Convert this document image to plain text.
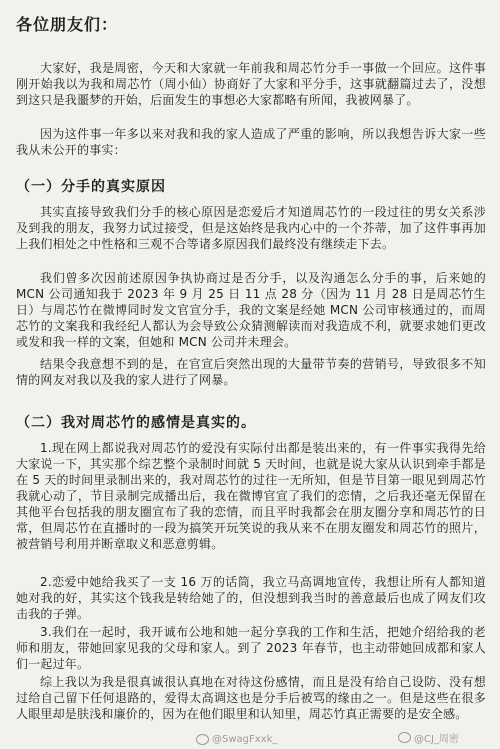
各位朋友们：

大家好，我是周密，今天和大家就一年前我和周芯竹分手一事做一个回应。这件事刚开始我以为我和周芯竹（周小仙）协商好了大家和平分手，这事就翻篇过去了，没想到这只是我噩梦的开始，后面发生的事想必大家都略有所闻，我被网暴了。

因为这件事一年多以来对我和我的家人造成了严重的影响，所以我想告诉大家一些我从未公开的事实：

（一）分手的真实原因

其实直接导致我们分手的核心原因是恋爱后才知道周芯竹的一段过往的男女关系涉及到我的朋友，我努力试过接受，但是这始终是我内心中的一个芥蒂，加了这件事再加上我们相处之中性格和三观不合等诸多原因我们最终没有继续走下去。

我们曾多次因前述原因争执协商过是否分手，以及沟通怎么分手的事，后来她的 MCN 公司通知我于 2023 年 9 月 25 日 11 点 28 分（因为 11 月 28 日是周芯竹生日）与周芯竹在微博同时发文官宣分手，我的文案是经她 MCN 公司审核通过的，而周芯竹的文案我和我经纪人都认为会导致公众猜测解读而对我造成不利，就要求她们更改或发和我一样的文案，但她和 MCN 公司并未理会。

结果令我意想不到的是，在官宣后突然出现的大量带节奏的营销号，导致很多不知情的网友对我以及我的家人进行了网暴。

（二）我对周芯竹的感情是真实的。

1.现在网上都说我对周芯竹的爱没有实际付出都是装出来的，有一件事实我得先给大家说一下，其实那个综艺整个录制时间就 5 天时间，也就是说大家从认识到牵手都是在 5 天的时间里录制出来的，我对周芯竹的过往一无所知，但是节目第一眼见到周芯竹我就心动了，节目录制完成播出后，我在微博官宣了我们的恋情，之后我还毫无保留在其他平台包括我的朋友圈宣布了我的恋情，而且平时我都会在朋友圈分享和周芯竹的日常，但周芯竹在直播时的一段为搞笑开玩笑说的我从来不在朋友圈发和周芯竹的照片，被营销号利用并断章取义和恶意剪辑。

2.恋爱中她给我买了一支 16 万的话筒，我立马高调地宣传，我想让所有人都知道她对我的好，其实这个钱我是转给她了的，但没想到我当时的善意最后也成了网友们攻击我的子弹。

3.我们在一起时，我开诚布公地和她一起分享我的工作和生活，把她介绍给我的老师和朋友，带她回家见我的父母和家人。到了 2023 年春节，也主动带她回成都和家人们一起过年。

综上我以为我是很真诚很认真地在对待这份感情，而且是没有给自己设防、没有想过给自己留下任何退路的，爱得太高调这也是分手后被骂的缘由之一。但是这些在很多人眼里却是肤浅和廉价的，因为在他们眼里和认知里，周芯竹真正需要的是安全感。

@SwagFxxk_	@CJ_周密
